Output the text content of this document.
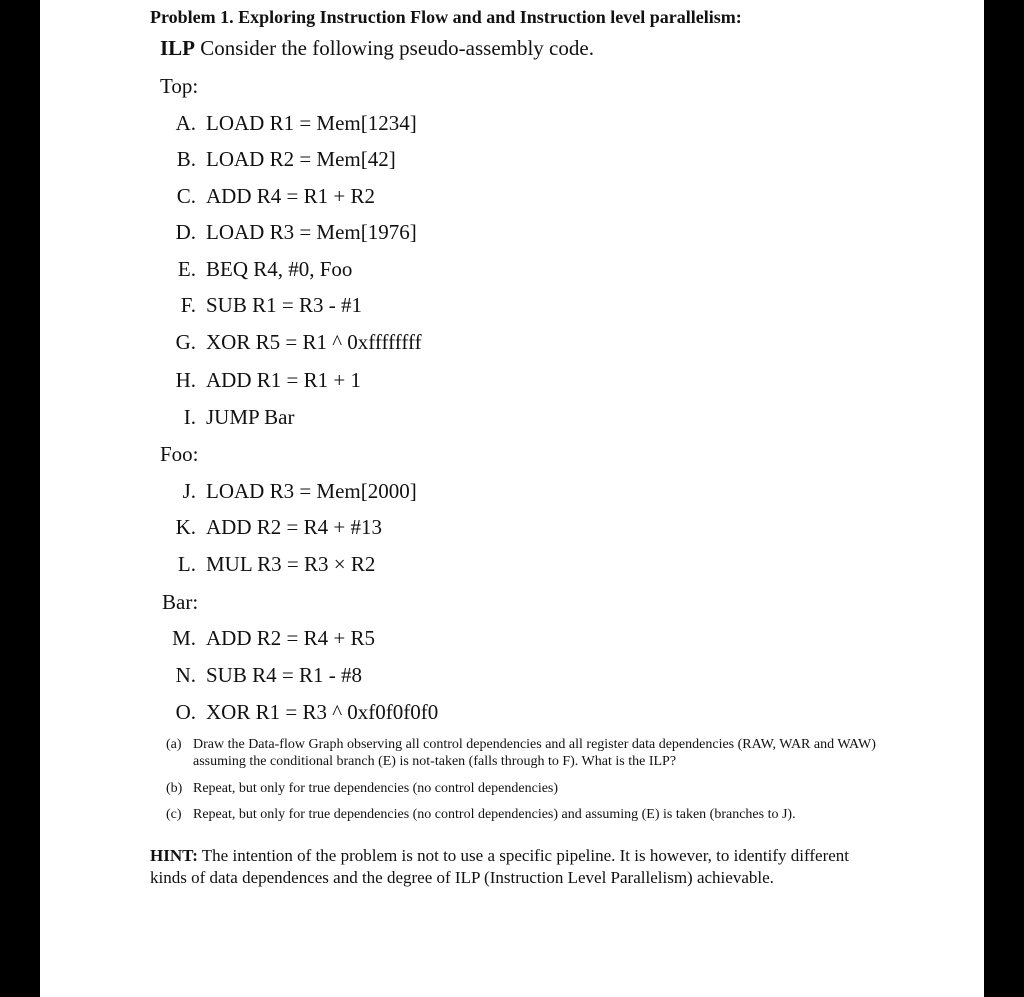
Problem 1. Exploring Instruction Flow and and Instruction level parallelism:
ILP Consider the following pseudo-assembly code.
Top:
A. LOAD R1 = Mem[1234]
B. LOAD R2 = Mem[42]
C. ADD R4 = R1 + R2
D. LOAD R3 = Mem[1976]
E. BEQ R4, #0, Foo
F. SUB R1 = R3 - #1
G. XOR R5 = R1 ^ 0xffffffff
H. ADD R1 = R1 + 1
I. JUMP Bar
Foo:
J. LOAD R3 = Mem[2000]
K. ADD R2 = R4 + #13
L. MUL R3 = R3 × R2
Bar:
M. ADD R2 = R4 + R5
N. SUB R4 = R1 - #8
O. XOR R1 = R3 ^ 0xf0f0f0f0
(a) Draw the Data-flow Graph observing all control dependencies and all register data dependencies (RAW, WAR and WAW) assuming the conditional branch (E) is not-taken (falls through to F). What is the ILP?
(b) Repeat, but only for true dependencies (no control dependencies)
(c) Repeat, but only for true dependencies (no control dependencies) and assuming (E) is taken (branches to J).
HINT: The intention of the problem is not to use a specific pipeline. It is however, to identify different kinds of data dependences and the degree of ILP (Instruction Level Parallelism) achievable.
